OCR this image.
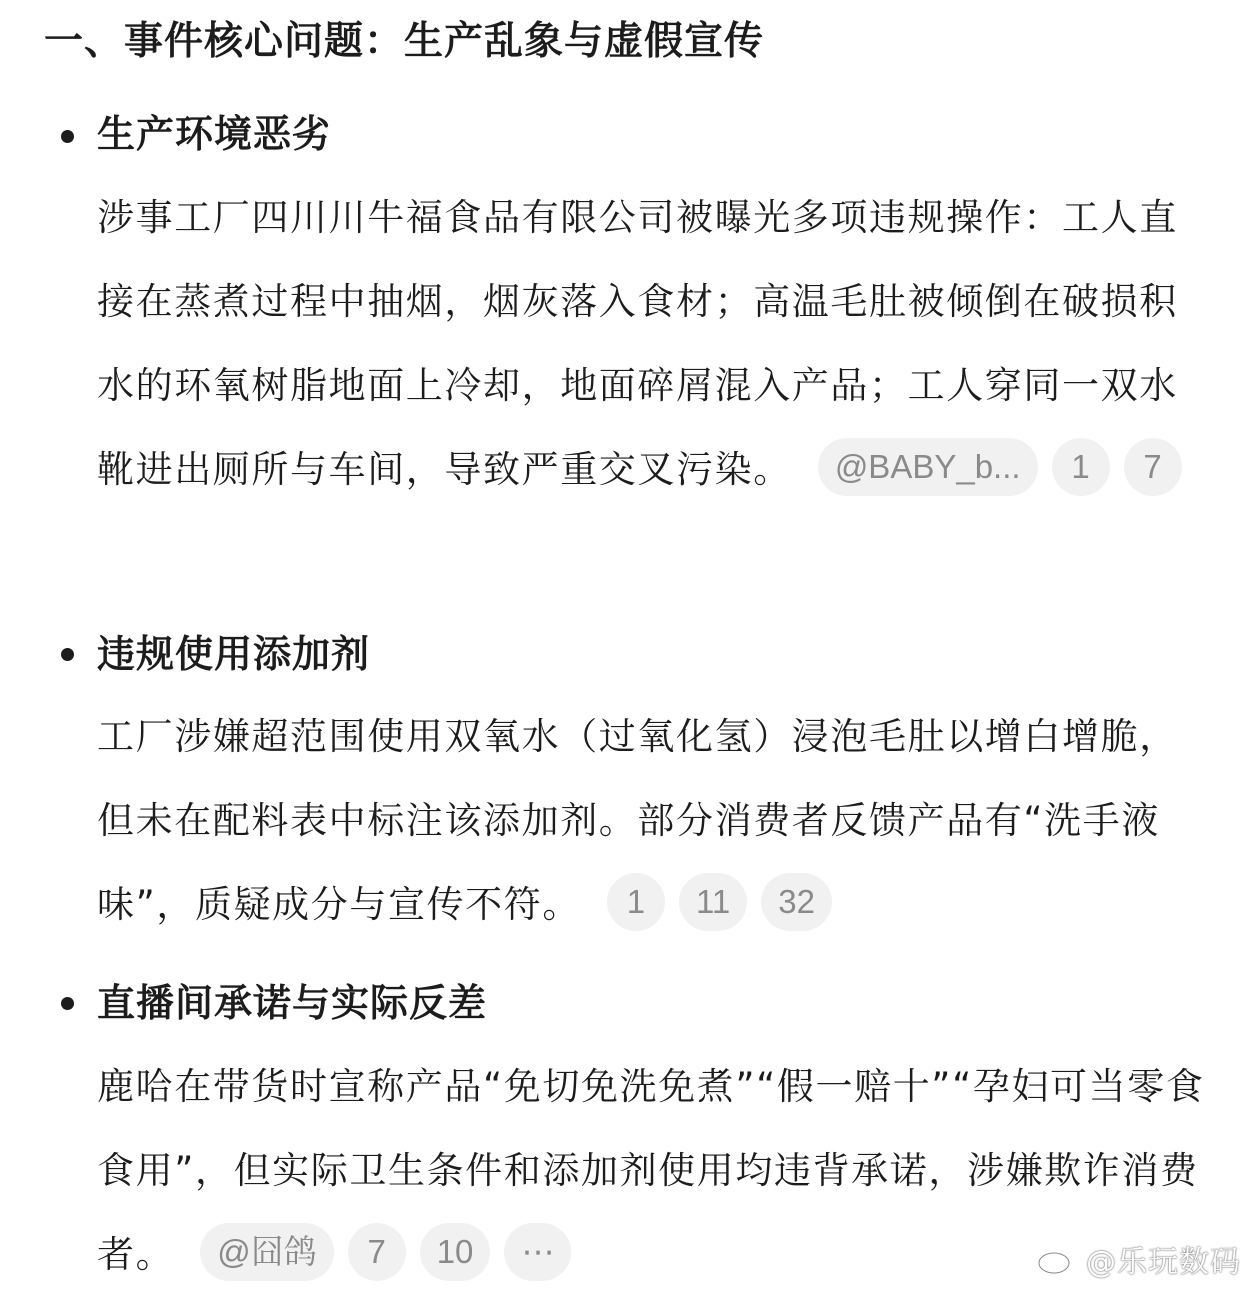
一、事件核心问题：生产乱象与虚假宣传
生产环境恶劣
涉事工厂四川川牛福食品有限公司被曝光多项违规操作：工人直接在蒸煮过程中抽烟，烟灰落入食材；高温毛肚被倾倒在破损积水的环氧树脂地面上冷却，地面碎屑混入产品；工人穿同一双水靴进出厕所与车间，导致严重交叉污染。 @BABY_b... 1 7
违规使用添加剂
工厂涉嫌超范围使用双氧水（过氧化氢）浸泡毛肚以增白增脆，但未在配料表中标注该添加剂。部分消费者反馈产品有“洗手液味”，质疑成分与宣传不符。 1 11 32
直播间承诺与实际反差
鹿哈在带货时宣称产品“免切免洗免煮”“假一赔十”“孕妇可当零食食用”，但实际卫生条件和添加剂使用均违背承诺，涉嫌欺诈消费者。 @囧鸽 7 10 ⋯	@乐玩数码
